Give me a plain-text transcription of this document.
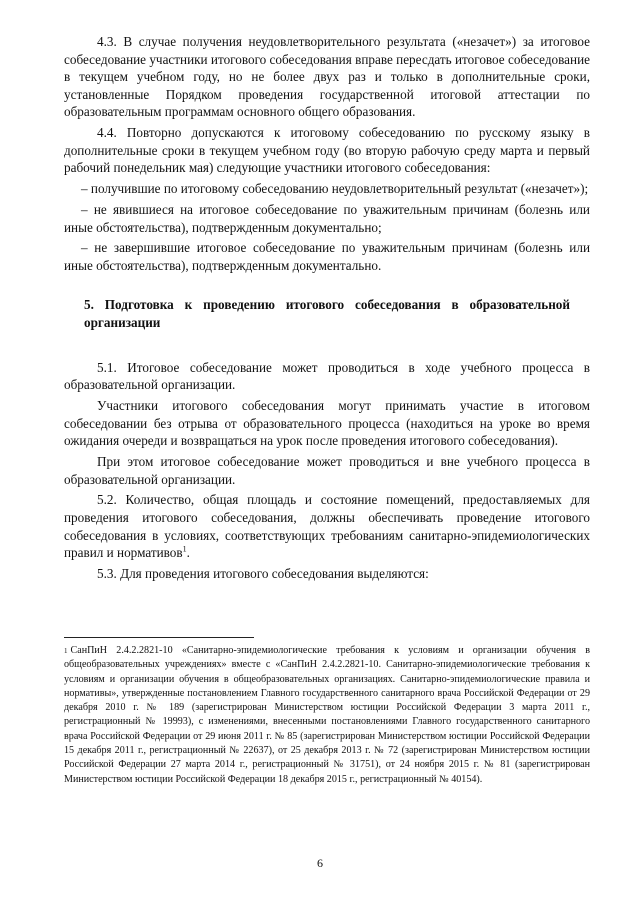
4.3. В случае получения неудовлетворительного результата («незачет») за итоговое собеседование участники итогового собеседования вправе пересдать итоговое собеседование в текущем учебном году, но не более двух раз и только в дополнительные сроки, установленные Порядком проведения государственной итоговой аттестации по образовательным программам основного общего образования.

4.4. Повторно допускаются к итоговому собеседованию по русскому языку в дополнительные сроки в текущем учебном году (во вторую рабочую среду марта и первый рабочий понедельник мая) следующие участники итогового собеседования:

– получившие по итоговому собеседованию неудовлетворительный результат («незачет»);

– не явившиеся на итоговое собеседование по уважительным причинам (болезнь или иные обстоятельства), подтвержденным документально;

– не завершившие итоговое собеседование по уважительным причинам (болезнь или иные обстоятельства), подтвержденным документально.

5. Подготовка к проведению итогового собеседования в образовательной организации

5.1. Итоговое собеседование может проводиться в ходе учебного процесса в образовательной организации.

Участники итогового собеседования могут принимать участие в итоговом собеседовании без отрыва от образовательного процесса (находиться на уроке во время ожидания очереди и возвращаться на урок после проведения итогового собеседования).

При этом итоговое собеседование может проводиться и вне учебного процесса в образовательной организации.

5.2. Количество, общая площадь и состояние помещений, предоставляемых для проведения итогового собеседования, должны обеспечивать проведение итогового собеседования в условиях, соответствующих требованиям санитарно-эпидемиологических правил и нормативов$^1$.

5.3. Для проведения итогового собеседования выделяются:

$^1$ СанПиН 2.4.2.2821-10 «Санитарно-эпидемиологические требования к условиям и организации обучения в общеобразовательных учреждениях» вместе с «СанПиН 2.4.2.2821-10. Санитарно-эпидемиологические требования к условиям и организации обучения в общеобразовательных организациях. Санитарно-эпидемиологические правила и нормативы», утвержденные постановлением Главного государственного санитарного врача Российской Федерации от 29 декабря 2010 г. № 189 (зарегистрирован Министерством юстиции Российской Федерации 3 марта 2011 г., регистрационный № 19993), с изменениями, внесенными постановлениями Главного государственного санитарного врача Российской Федерации от 29 июня 2011 г. № 85 (зарегистрирован Министерством юстиции Российской Федерации 15 декабря 2011 г., регистрационный № 22637), от 25 декабря 2013 г. № 72 (зарегистрирован Министерством юстиции Российской Федерации 27 марта 2014 г., регистрационный № 31751), от 24 ноября 2015 г. № 81 (зарегистрирован Министерством юстиции Российской Федерации 18 декабря 2015 г., регистрационный № 40154).
6
